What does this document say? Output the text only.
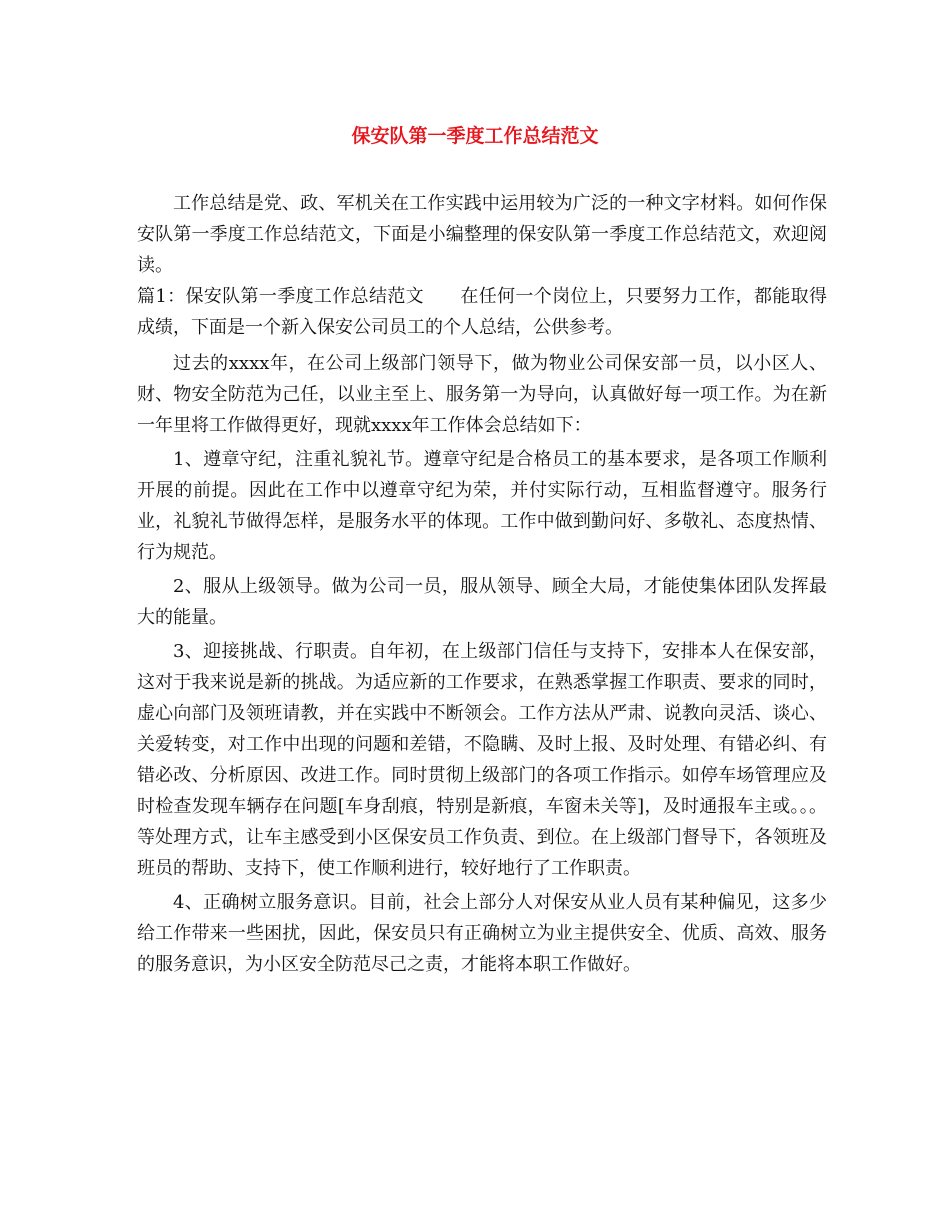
保安队第一季度工作总结范文

工作总结是党、政、军机关在工作实践中运用较为广泛的一种文字材料。如何作保安队第一季度工作总结范文，下面是小编整理的保安队第一季度工作总结范文，欢迎阅读。

篇1：保安队第一季度工作总结范文 在任何一个岗位上，只要努力工作，都能取得成绩，下面是一个新入保安公司员工的个人总结，公供参考。

过去的xxxx年，在公司上级部门领导下，做为物业公司保安部一员，以小区人、财、物安全防范为己任，以业主至上、服务第一为导向，认真做好每一项工作。为在新一年里将工作做得更好，现就xxxx年工作体会总结如下：

1、遵章守纪，注重礼貌礼节。遵章守纪是合格员工的基本要求，是各项工作顺利开展的前提。因此在工作中以遵章守纪为荣，并付实际行动，互相监督遵守。服务行业，礼貌礼节做得怎样，是服务水平的体现。工作中做到勤问好、多敬礼、态度热情、行为规范。

2、服从上级领导。做为公司一员，服从领导、顾全大局，才能使集体团队发挥最大的能量。

3、迎接挑战、行职责。自年初，在上级部门信任与支持下，安排本人在保安部，这对于我来说是新的挑战。为适应新的工作要求，在熟悉掌握工作职责、要求的同时，虚心向部门及领班请教，并在实践中不断领会。工作方法从严肃、说教向灵活、谈心、关爱转变，对工作中出现的问题和差错，不隐瞒、及时上报、及时处理、有错必纠、有错必改、分析原因、改进工作。同时贯彻上级部门的各项工作指示。如停车场管理应及时检查发现车辆存在问题[车身刮痕，特别是新痕，车窗未关等]，及时通报车主或。。。等处理方式，让车主感受到小区保安员工作负责、到位。在上级部门督导下，各领班及班员的帮助、支持下，使工作顺利进行，较好地行了工作职责。

4、正确树立服务意识。目前，社会上部分人对保安从业人员有某种偏见，这多少给工作带来一些困扰，因此，保安员只有正确树立为业主提供安全、优质、高效、服务的服务意识，为小区安全防范尽己之责，才能将本职工作做好。
